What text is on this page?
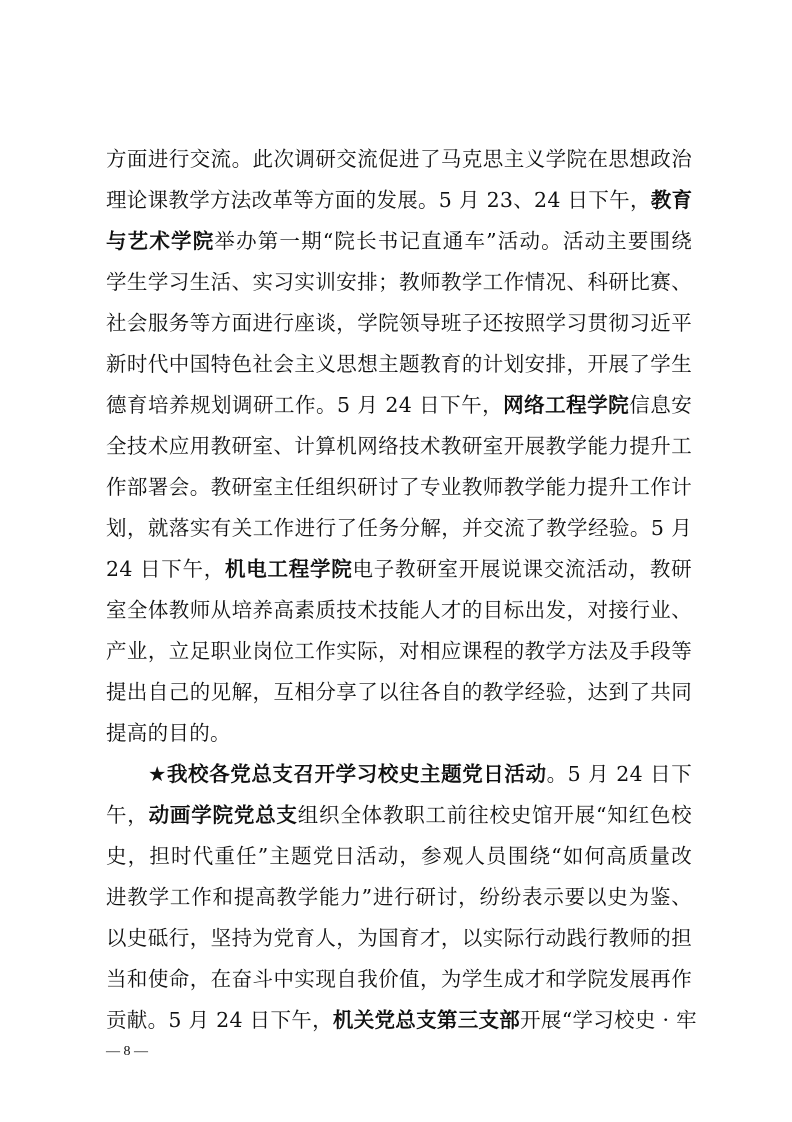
方面进行交流。此次调研交流促进了马克思主义学院在思想政治
理论课教学方法改革等方面的发展。5 月 23、24 日下午，教育
与艺术学院举办第一期“院长书记直通车”活动。活动主要围绕
学生学习生活、实习实训安排；教师教学工作情况、科研比赛、
社会服务等方面进行座谈，学院领导班子还按照学习贯彻习近平
新时代中国特色社会主义思想主题教育的计划安排，开展了学生
德育培养规划调研工作。5 月 24 日下午，网络工程学院信息安
全技术应用教研室、计算机网络技术教研室开展教学能力提升工
作部署会。教研室主任组织研讨了专业教师教学能力提升工作计
划，就落实有关工作进行了任务分解，并交流了教学经验。5 月
24 日下午，机电工程学院电子教研室开展说课交流活动，教研
室全体教师从培养高素质技术技能人才的目标出发，对接行业、
产业，立足职业岗位工作实际，对相应课程的教学方法及手段等
提出自己的见解，互相分享了以往各自的教学经验，达到了共同
提高的目的。
★我校各党总支召开学习校史主题党日活动。5 月 24 日下
午，动画学院党总支组织全体教职工前往校史馆开展“知红色校
史，担时代重任”主题党日活动，参观人员围绕“如何高质量改
进教学工作和提高教学能力”进行研讨，纷纷表示要以史为鉴、
以史砥行，坚持为党育人，为国育才，以实际行动践行教师的担
当和使命，在奋斗中实现自我价值，为学生成才和学院发展再作
贡献。5 月 24 日下午，机关党总支第三支部开展“学习校史 · 牢
— 8 —
